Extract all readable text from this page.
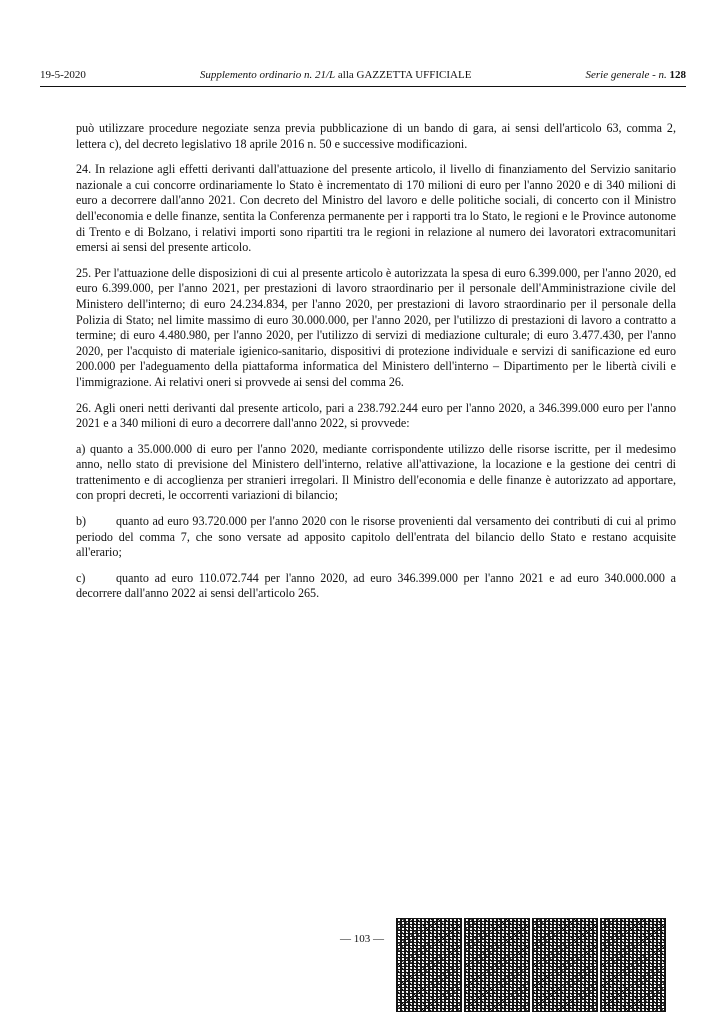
19-5-2020	Supplemento ordinario n. 21/L alla GAZZETTA UFFICIALE	Serie generale - n. 128

può utilizzare procedure negoziate senza previa pubblicazione di un bando di gara, ai sensi dell'articolo 63, comma 2, lettera c), del decreto legislativo 18 aprile 2016 n. 50 e successive modificazioni.

24. In relazione agli effetti derivanti dall'attuazione del presente articolo, il livello di finanziamento del Servizio sanitario nazionale a cui concorre ordinariamente lo Stato è incrementato di 170 milioni di euro per l'anno 2020 e di 340 milioni di euro a decorrere dall'anno 2021. Con decreto del Ministro del lavoro e delle politiche sociali, di concerto con il Ministro dell'economia e delle finanze, sentita la Conferenza permanente per i rapporti tra lo Stato, le regioni e le Province autonome di Trento e di Bolzano, i relativi importi sono ripartiti tra le regioni in relazione al numero dei lavoratori extracomunitari emersi ai sensi del presente articolo.

25. Per l'attuazione delle disposizioni di cui al presente articolo è autorizzata la spesa di euro 6.399.000, per l'anno 2020, ed euro 6.399.000, per l'anno 2021, per prestazioni di lavoro straordinario per il personale dell'Amministrazione civile del Ministero dell'interno; di euro 24.234.834, per l'anno 2020, per prestazioni di lavoro straordinario per il personale della Polizia di Stato; nel limite massimo di euro 30.000.000, per l'anno 2020, per l'utilizzo di prestazioni di lavoro a contratto a termine; di euro 4.480.980, per l'anno 2020, per l'utilizzo di servizi di mediazione culturale; di euro 3.477.430, per l'anno 2020, per l'acquisto di materiale igienico-sanitario, dispositivi di protezione individuale e servizi di sanificazione ed euro 200.000 per l'adeguamento della piattaforma informatica del Ministero dell'interno – Dipartimento per le libertà civili e l'immigrazione. Ai relativi oneri si provvede ai sensi del comma 26.

26. Agli oneri netti derivanti dal presente articolo, pari a 238.792.244 euro per l'anno 2020, a 346.399.000 euro per l'anno 2021 e a 340 milioni di euro a decorrere dall'anno 2022, si provvede:

a) quanto a 35.000.000 di euro per l'anno 2020, mediante corrispondente utilizzo delle risorse iscritte, per il medesimo anno, nello stato di previsione del Ministero dell'interno, relative all'attivazione, la locazione e la gestione dei centri di trattenimento e di accoglienza per stranieri irregolari. Il Ministro dell'economia e delle finanze è autorizzato ad apportare, con propri decreti, le occorrenti variazioni di bilancio;

b) quanto ad euro 93.720.000 per l'anno 2020 con le risorse provenienti dal versamento dei contributi di cui al primo periodo del comma 7, che sono versate ad apposito capitolo dell'entrata del bilancio dello Stato e restano acquisite all'erario;

c)	quanto ad euro 110.072.744 per l'anno 2020, ad euro 346.399.000 per l'anno 2021 e ad euro 340.000.000 a decorrere dall'anno 2022 ai sensi dell'articolo 265.

— 103 —
